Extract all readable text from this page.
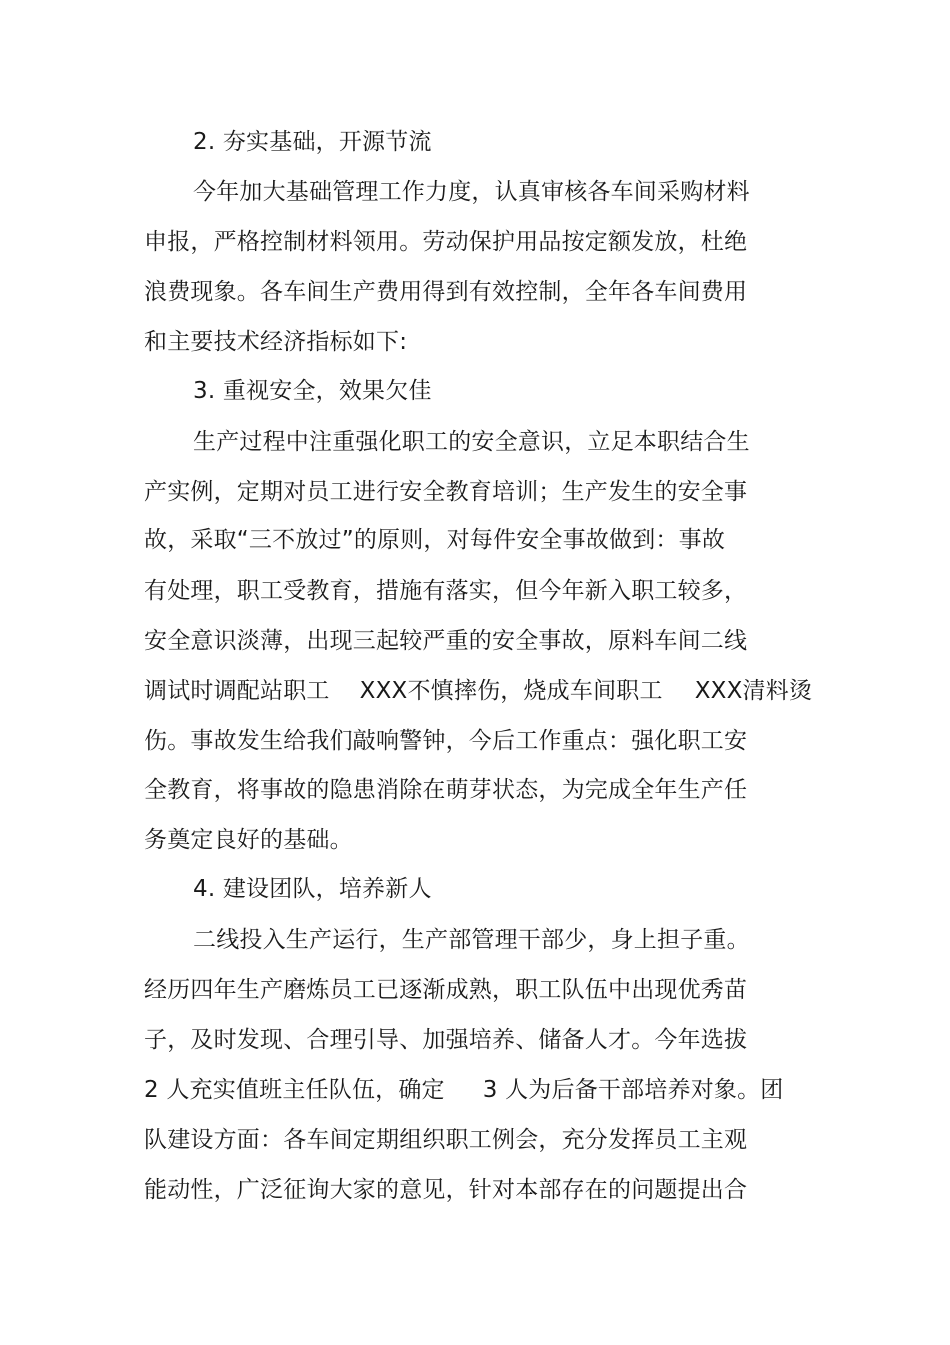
2. 夯实基础，开源节流
今年加大基础管理工作力度，认真审核各车间采购材料
申报，严格控制材料领用。劳动保护用品按定额发放，杜绝
浪费现象。各车间生产费用得到有效控制，全年各车间费用
和主要技术经济指标如下:
3. 重视安全，效果欠佳
生产过程中注重强化职工的安全意识，立足本职结合生
产实例，定期对员工进行安全教育培训；生产发生的安全事
故，采取“三不放过”的原则，对每件安全事故做到：事故
有处理，职工受教育，措施有落实，但今年新入职工较多，
安全意识淡薄，出现三起较严重的安全事故，原料车间二线
调试时调配站职工 XXX不慎摔伤，烧成车间职工 XXX清料烫
伤。事故发生给我们敲响警钟，今后工作重点：强化职工安
全教育，将事故的隐患消除在萌芽状态，为完成全年生产任
务奠定良好的基础。
4. 建设团队，培养新人
二线投入生产运行，生产部管理干部少，身上担子重。
经历四年生产磨炼员工已逐渐成熟，职工队伍中出现优秀苗
子，及时发现、合理引导、加强培养、储备人才。今年选拔
2 人充实值班主任队伍，确定 3 人为后备干部培养对象。团
队建设方面：各车间定期组织职工例会，充分发挥员工主观
能动性，广泛征询大家的意见，针对本部存在的问题提出合
